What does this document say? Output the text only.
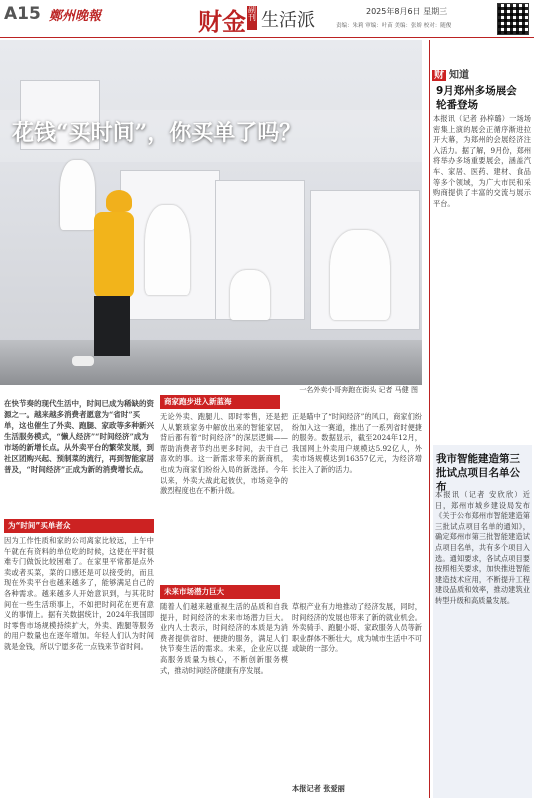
A15 鄭州晚報	财金 副刊 生活派	2025年8月6日 星期三
责编：朱莉 审编：叶苗 美编：张娇 校对：随俊
花钱“买时间”，你买单了吗？
一名外卖小哥奔跑在街头 记者 马健 图
在快节奏的现代生活中，时间已成为稀缺的资源之一。越来越多消费者愿意为“省时”买单，这也催生了外卖、跑腿、家政等多种新兴生活服务模式，“懒人经济”“时间经济”成为市场的新增长点。从外卖平台的繁荣发展，到社区团购兴起、预制菜的流行，再到智能家居普及，“时间经济”正成为新的消费增长点。
为“时间”买单者众
因为工作性质和家的公司离家比较远，上午中午就在有资料的单位吃的时候，这使在平时很难专门做饭比较困难了。在家里平常都是点外卖或者买菜，菜的口感还是可以接受的，而且现在外卖平台也越来越多了，能够满足自己的各种需求。越来越多人开始意识到，与其花时间在一些生活琐事上，不如把时间花在更有意义的事情上。据有关数据统计，2024年我国即时零售市场规模持续扩大，外卖、跑腿等服务的用户数量也在逐年增加。年轻人们认为时间就是金钱，所以宁愿多花一点钱来节省时间。
商家跑步进入新蓝海
无论外卖、跑腿儿、即时零售，还是把人从繁琐家务中解放出来的智能家居，背后都有着“时间经济”的深层逻辑——帮助消费者节约出更多时间，去干自己喜欢的事。这一新需求带来的新商机，也成为商家们纷纷入局的新选择。今年以来，外卖大战此起彼伏，市场竞争的激烈程度也在不断升级。
正是瞄中了“时间经济”的风口，商家们纷纷加入这一赛道，推出了一系列省时便捷的服务。数据显示，截至2024年12月，我国网上外卖用户规模达5.92亿人，外卖市场规模达到16357亿元，为经济增长注入了新的活力。
未来市场潜力巨大
随着人们越来越重视生活的品质和自我提升，时间经济的未来市场潜力巨大。业内人士表示，时间经济的本质是为消费者提供省时、便捷的服务，满足人们快节奏生活的需求。未来，企业应以提高服务质量为核心，不断创新服务模式，推动时间经济健康有序发展。
草根产业有力地推动了经济发展，同时，时间经济的发展也带来了新的就业机会。外卖骑手、跑腿小哥、家政服务人员等新职业群体不断壮大，成为城市生活中不可或缺的一部分。
本报记者 张爱丽
财 知道
9月郑州多场展会轮番登场
本报讯（记者 孙梓璐）一场场密集上演的展会正循序渐进拉开大幕，为郑州的会展经济注入活力。据了解，9月份，郑州将举办多场重要展会，涵盖汽车、家居、医药、建材、食品等多个领域，为广大市民和采购商提供了丰富的交流与展示平台。
我市智能建造第三批试点项目名单公布
本报讯（记者 安欣欣）近日，郑州市城乡建设局发布《关于公布郑州市智能建造第三批试点项目名单的通知》，确定郑州市第三批智能建造试点项目名单，共有多个项目入选。通知要求，各试点项目要按照相关要求，加快推进智能建造技术应用，不断提升工程建设品质和效率，推动建筑业转型升级和高质量发展。
